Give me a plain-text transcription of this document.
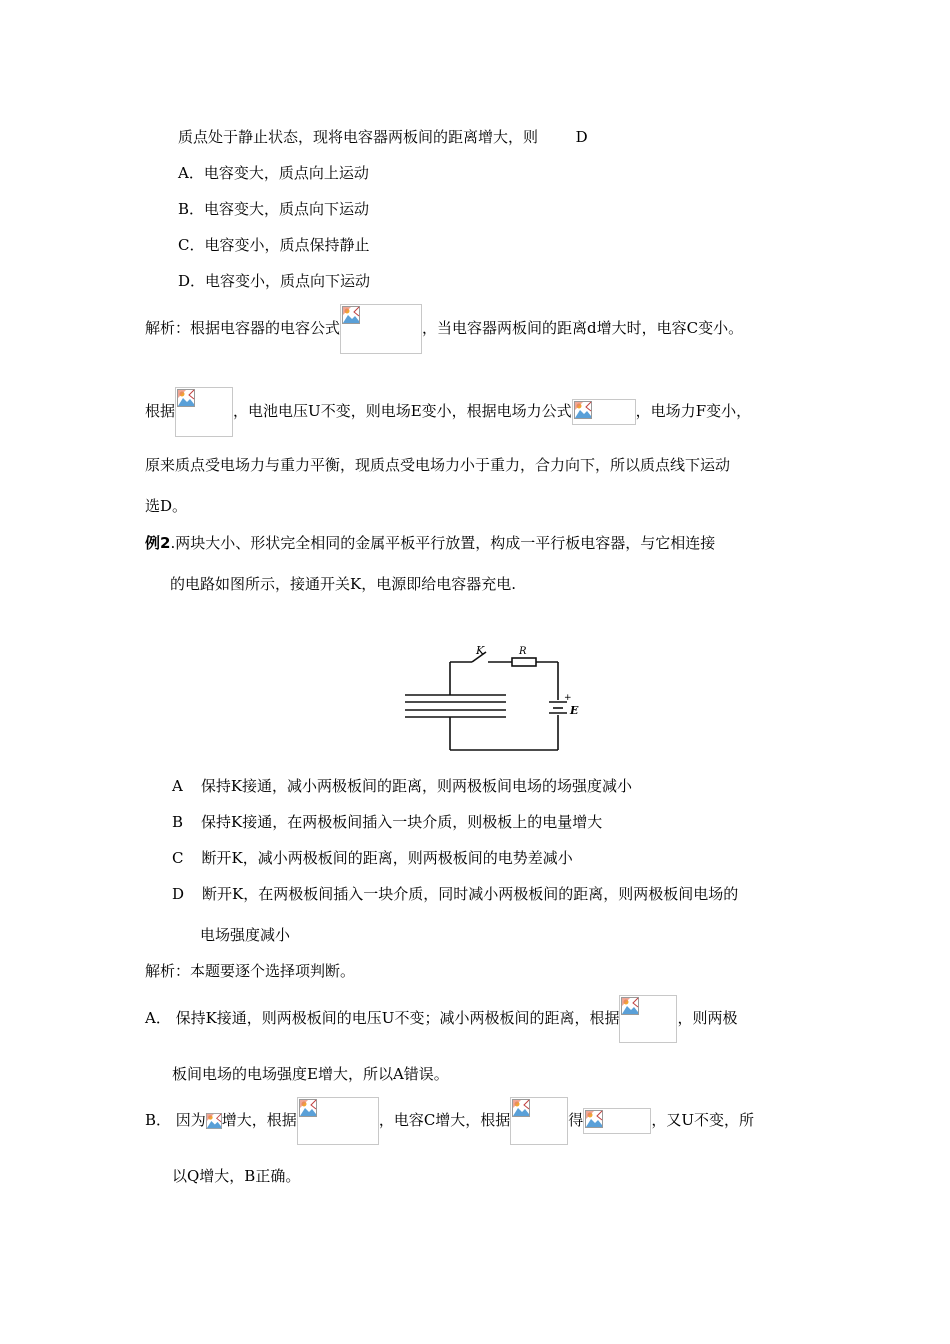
质点处于静止状态，现将电容器两板间的距离增大，则	D
A．电容变大，质点向上运动
B．电容变大，质点向下运动
C．电容变小，质点保持静止
D．电容变小，质点向下运动
解析：根据电容器的电容公式	，当电容器两板间的距离d增大时，电容C变小。
根据	，电池电压U不变，则电场E变小，根据电场力公式	，电场力F变小，
原来质点受电场力与重力平衡，现质点受电场力小于重力，合力向下，所以质点线下运动
选D。
例2.两块大小、形状完全相同的金属平板平行放置，构成一平行板电容器，与它相连接
的电路如图所示，接通开关K，电源即给电容器充电.
K	R
E
+
A 保持K接通，减小两极板间的距离，则两极板间电场的场强度减小
B 保持K接通，在两极板间插入一块介质，则极板上的电量增大
C 断开K，减小两极板间的距离，则两极板间的电势差减小
D 断开K，在两极板间插入一块介质，同时减小两极板间的距离，则两极板间电场的
电场强度减小
解析：本题要逐个选择项判断。
A． 保持K接通，则两极板间的电压U不变；减小两极板间的距离，根据	，则两极
板间电场的电场强度E增大，所以A错误。
B． 因为 增大，根据	，电容C增大，根据	得	，又U不变，所
以Q增大，B正确。
